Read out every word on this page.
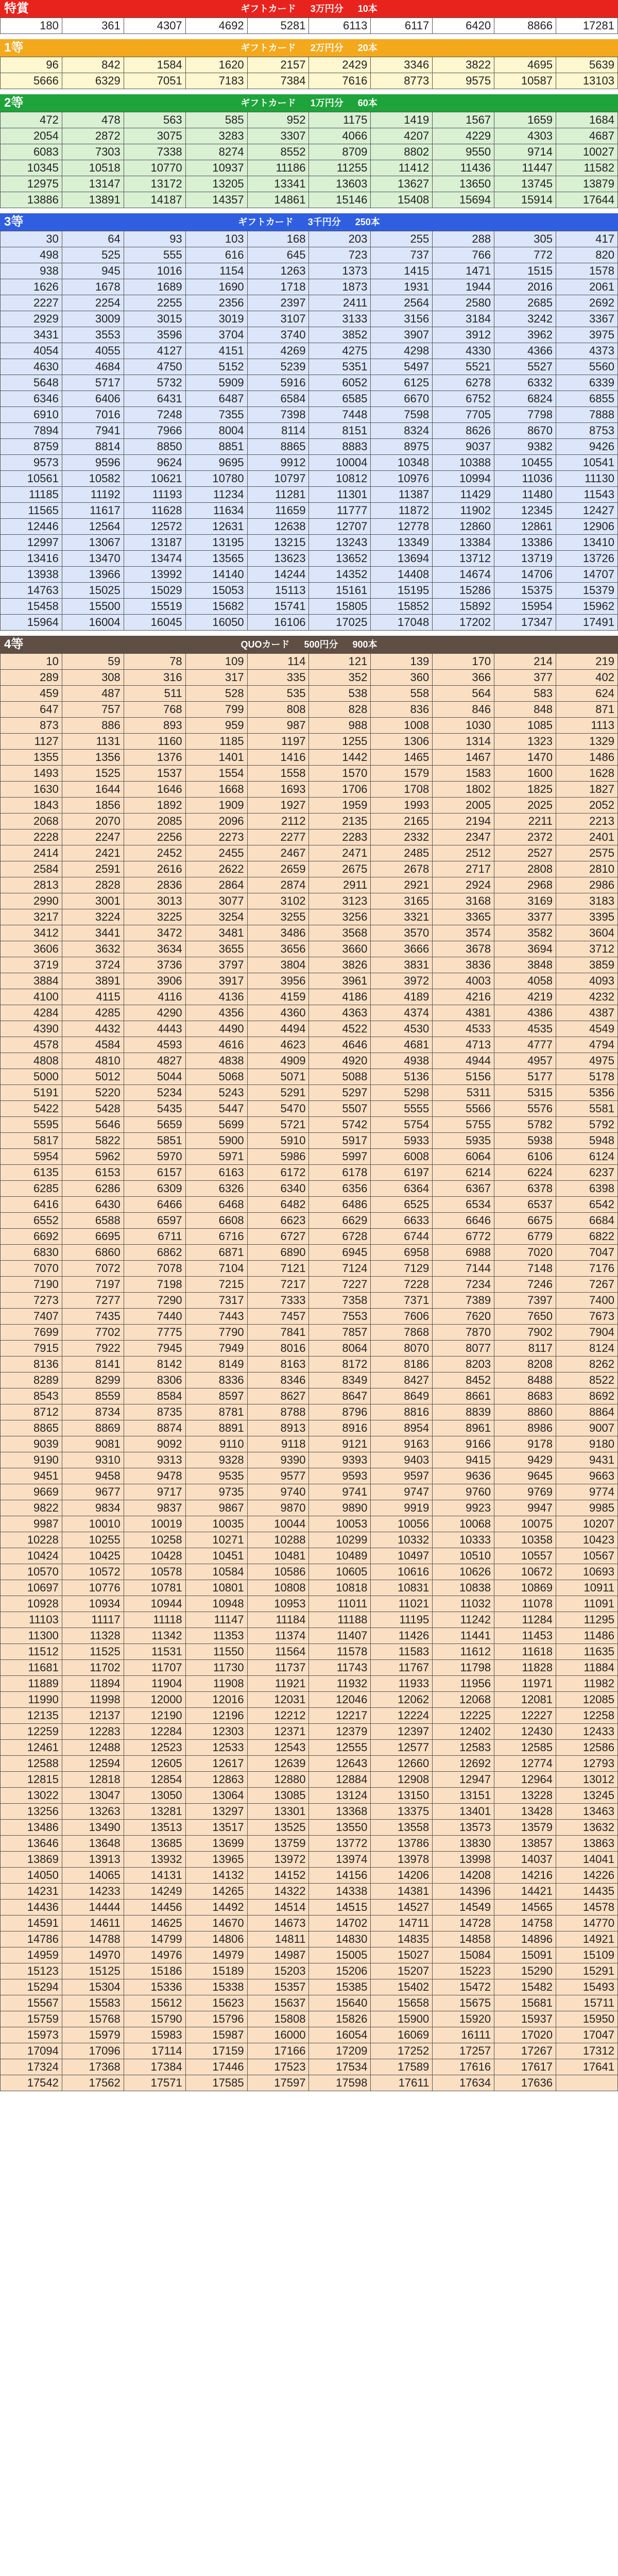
特賞	ギフトカード 3万円分 10本
180	361	4307	4692	5281	6113	6117	6420	8866	17281
1等	ギフトカード 2万円分 20本
96	842	1584	1620	2157	2429	3346	3822	4695	5639
5666	6329	7051	7183	7384	7616	8773	9575	10587	13103
2等	ギフトカード 1万円分 60本
472	478	563	585	952	1175	1419	1567	1659	1684
2054	2872	3075	3283	3307	4066	4207	4229	4303	4687
6083	7303	7338	8274	8552	8709	8802	9550	9714	10027
10345	10518	10770	10937	11186	11255	11412	11436	11447	11582
12975	13147	13172	13205	13341	13603	13627	13650	13745	13879
13886	13891	14187	14357	14861	15146	15408	15694	15914	17644
3等	ギフトカード 3千円分 250本
30	64	93	103	168	203	255	288	305	417
498	525	555	616	645	723	737	766	772	820
938	945	1016	1154	1263	1373	1415	1471	1515	1578
1626	1678	1689	1690	1718	1873	1931	1944	2016	2061
2227	2254	2255	2356	2397	2411	2564	2580	2685	2692
2929	3009	3015	3019	3107	3133	3156	3184	3242	3367
3431	3553	3596	3704	3740	3852	3907	3912	3962	3975
4054	4055	4127	4151	4269	4275	4298	4330	4366	4373
4630	4684	4750	5152	5239	5351	5497	5521	5527	5560
5648	5717	5732	5909	5916	6052	6125	6278	6332	6339
6346	6406	6431	6487	6584	6585	6670	6752	6824	6855
6910	7016	7248	7355	7398	7448	7598	7705	7798	7888
7894	7941	7966	8004	8114	8151	8324	8626	8670	8753
8759	8814	8850	8851	8865	8883	8975	9037	9382	9426
9573	9596	9624	9695	9912	10004	10348	10388	10455	10541
10561	10582	10621	10780	10797	10812	10976	10994	11036	11130
11185	11192	11193	11234	11281	11301	11387	11429	11480	11543
11565	11617	11628	11634	11659	11777	11872	11902	12345	12427
12446	12564	12572	12631	12638	12707	12778	12860	12861	12906
12997	13067	13187	13195	13215	13243	13349	13384	13386	13410
13416	13470	13474	13565	13623	13652	13694	13712	13719	13726
13938	13966	13992	14140	14244	14352	14408	14674	14706	14707
14763	15025	15029	15053	15113	15161	15195	15286	15375	15379
15458	15500	15519	15682	15741	15805	15852	15892	15954	15962
15964	16004	16045	16050	16106	17025	17048	17202	17347	17491
4等	QUOカード 500円分 900本
10	59	78	109	114	121	139	170	214	219
289	308	316	317	335	352	360	366	377	402
459	487	511	528	535	538	558	564	583	624
647	757	768	799	808	828	836	846	848	871
873	886	893	959	987	988	1008	1030	1085	1113
1127	1131	1160	1185	1197	1255	1306	1314	1323	1329
1355	1356	1376	1401	1416	1442	1465	1467	1470	1486
1493	1525	1537	1554	1558	1570	1579	1583	1600	1628
1630	1644	1646	1668	1693	1706	1708	1802	1825	1827
1843	1856	1892	1909	1927	1959	1993	2005	2025	2052
2068	2070	2085	2096	2112	2135	2165	2194	2211	2213
2228	2247	2256	2273	2277	2283	2332	2347	2372	2401
2414	2421	2452	2455	2467	2471	2485	2512	2527	2575
2584	2591	2616	2622	2659	2675	2678	2717	2808	2810
2813	2828	2836	2864	2874	2911	2921	2924	2968	2986
2990	3001	3013	3077	3102	3123	3165	3168	3169	3183
3217	3224	3225	3254	3255	3256	3321	3365	3377	3395
3412	3441	3472	3481	3486	3568	3570	3574	3582	3604
3606	3632	3634	3655	3656	3660	3666	3678	3694	3712
3719	3724	3736	3797	3804	3826	3831	3836	3848	3859
3884	3891	3906	3917	3956	3961	3972	4003	4058	4093
4100	4115	4116	4136	4159	4186	4189	4216	4219	4232
4284	4285	4290	4356	4360	4363	4374	4381	4386	4387
4390	4432	4443	4490	4494	4522	4530	4533	4535	4549
4578	4584	4593	4616	4623	4646	4681	4713	4777	4794
4808	4810	4827	4838	4909	4920	4938	4944	4957	4975
5000	5012	5044	5068	5071	5088	5136	5156	5177	5178
5191	5220	5234	5243	5291	5297	5298	5311	5315	5356
5422	5428	5435	5447	5470	5507	5555	5566	5576	5581
5595	5646	5659	5699	5721	5742	5754	5755	5782	5792
5817	5822	5851	5900	5910	5917	5933	5935	5938	5948
5954	5962	5970	5971	5986	5997	6008	6064	6106	6124
6135	6153	6157	6163	6172	6178	6197	6214	6224	6237
6285	6286	6309	6326	6340	6356	6364	6367	6378	6398
6416	6430	6466	6468	6482	6486	6525	6534	6537	6542
6552	6588	6597	6608	6623	6629	6633	6646	6675	6684
6692	6695	6711	6716	6727	6728	6744	6772	6779	6822
6830	6860	6862	6871	6890	6945	6958	6988	7020	7047
7070	7072	7078	7104	7121	7124	7129	7144	7148	7176
7190	7197	7198	7215	7217	7227	7228	7234	7246	7267
7273	7277	7290	7317	7333	7358	7371	7389	7397	7400
7407	7435	7440	7443	7457	7553	7606	7620	7650	7673
7699	7702	7775	7790	7841	7857	7868	7870	7902	7904
7915	7922	7945	7949	8016	8064	8070	8077	8117	8124
8136	8141	8142	8149	8163	8172	8186	8203	8208	8262
8289	8299	8306	8336	8346	8349	8427	8452	8488	8522
8543	8559	8584	8597	8627	8647	8649	8661	8683	8692
8712	8734	8735	8781	8788	8796	8816	8839	8860	8864
8865	8869	8874	8891	8913	8916	8954	8961	8986	9007
9039	9081	9092	9110	9118	9121	9163	9166	9178	9180
9190	9310	9313	9328	9390	9393	9403	9415	9429	9431
9451	9458	9478	9535	9577	9593	9597	9636	9645	9663
9669	9677	9717	9735	9740	9741	9747	9760	9769	9774
9822	9834	9837	9867	9870	9890	9919	9923	9947	9985
9987	10010	10019	10035	10044	10053	10056	10068	10075	10207
10228	10255	10258	10271	10288	10299	10332	10333	10358	10423
10424	10425	10428	10451	10481	10489	10497	10510	10557	10567
10570	10572	10578	10584	10586	10605	10616	10626	10672	10693
10697	10776	10781	10801	10808	10818	10831	10838	10869	10911
10928	10934	10944	10948	10953	11011	11021	11032	11078	11091
11103	11117	11118	11147	11184	11188	11195	11242	11284	11295
11300	11328	11342	11353	11374	11407	11426	11441	11453	11486
11512	11525	11531	11550	11564	11578	11583	11612	11618	11635
11681	11702	11707	11730	11737	11743	11767	11798	11828	11884
11889	11894	11904	11908	11921	11932	11933	11956	11971	11982
11990	11998	12000	12016	12031	12046	12062	12068	12081	12085
12135	12137	12190	12196	12212	12217	12224	12225	12227	12258
12259	12283	12284	12303	12371	12379	12397	12402	12430	12433
12461	12488	12523	12533	12543	12555	12577	12583	12585	12586
12588	12594	12605	12617	12639	12643	12660	12692	12774	12793
12815	12818	12854	12863	12880	12884	12908	12947	12964	13012
13022	13047	13050	13064	13085	13124	13150	13151	13228	13245
13256	13263	13281	13297	13301	13368	13375	13401	13428	13463
13486	13490	13513	13517	13525	13550	13558	13573	13579	13632
13646	13648	13685	13699	13759	13772	13786	13830	13857	13863
13869	13913	13932	13965	13972	13974	13978	13998	14037	14041
14050	14065	14131	14132	14152	14156	14206	14208	14216	14226
14231	14233	14249	14265	14322	14338	14381	14396	14421	14435
14436	14444	14456	14492	14514	14515	14527	14549	14565	14578
14591	14611	14625	14670	14673	14702	14711	14728	14758	14770
14786	14788	14799	14806	14811	14830	14835	14858	14896	14921
14959	14970	14976	14979	14987	15005	15027	15084	15091	15109
15123	15125	15186	15189	15203	15206	15207	15223	15290	15291
15294	15304	15336	15338	15357	15385	15402	15472	15482	15493
15567	15583	15612	15623	15637	15640	15658	15675	15681	15711
15759	15768	15790	15796	15808	15826	15900	15920	15937	15950
15973	15979	15983	15987	16000	16054	16069	16111	17020	17047
17094	17096	17114	17159	17166	17209	17252	17257	17267	17312
17324	17368	17384	17446	17523	17534	17589	17616	17617	17641
17542	17562	17571	17585	17597	17598	17611	17634	17636	
